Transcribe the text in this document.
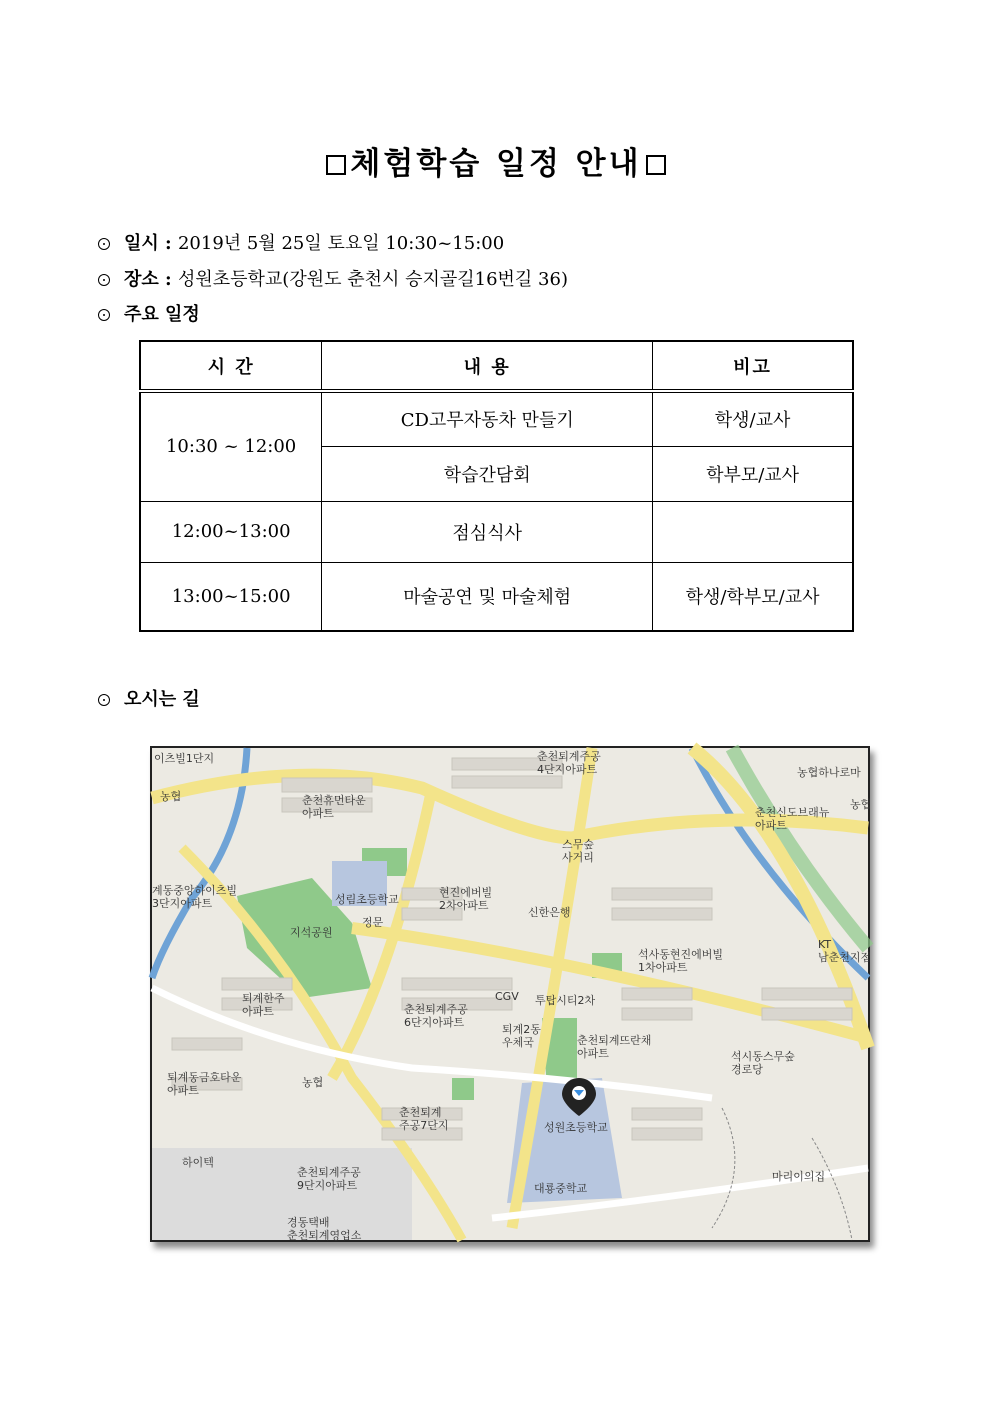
체험학습 일정 안내
일시 : 2019년 5월 25일 토요일 10:30~15:00
장소 : 성원초등학교(강원도 춘천시 승지골길16번길 36)
주요 일정
시 간	내 용	비고
10:30 ~ 12:00	CD고무자동차 만들기	학생/교사
	학습간담회	학부모/교사
12:00~13:00	점심식사	
13:00~15:00	마술공연 및 마술체험	학생/학부모/교사
오시는 길
이츠빌1단지
농협	춘천휴먼타운 아파트
춘천퇴계주공 4단지아파트	농협하나로마
농협
춘천신도브래뉴 아파트
스무숲 사거리
계동중앙하이츠빌 3단지아파트	성림초등학교
현진에버빌 2차아파트
신한은행
정문
지석공원
KT 남춘천지점
석사동현진에버빌 1차아파트
퇴계한주 아파트
CGV 투탑시티2차
춘천퇴계주공 6단지아파트
퇴계2동 우체국	춘천퇴계뜨란채 아파트
퇴계동금호타운 아파트
농협
석시동스무숲 경로당
춘천퇴계 주공7단지	성원초등학교
하이텍
춘천퇴계주공 9단지아파트	대룡중학교
마리이의집
경동택배 춘천퇴계영업소
